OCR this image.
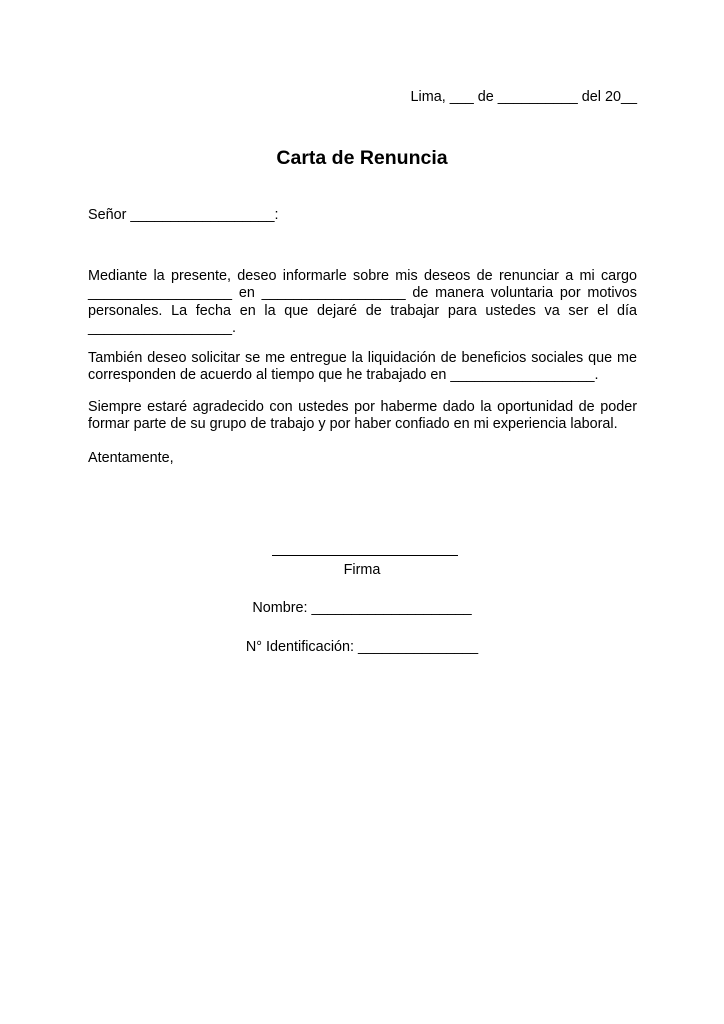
Lima, ___ de __________ del 20__
Carta de Renuncia
Señor __________________:
Mediante la presente, deseo informarle sobre mis deseos de renunciar a mi cargo
__________________ en __________________ de manera voluntaria por motivos
personales. La fecha en la que dejaré de trabajar para ustedes va ser el día
__________________.
También deseo solicitar se me entregue la liquidación de beneficios sociales que me
corresponden de acuerdo al tiempo que he trabajado en __________________.
Siempre estaré agradecido con ustedes por haberme dado la oportunidad de poder
formar parte de su grupo de trabajo y por haber confiado en mi experiencia laboral.
Atentamente,
Firma
Nombre: ____________________
N° Identificación: _______________
